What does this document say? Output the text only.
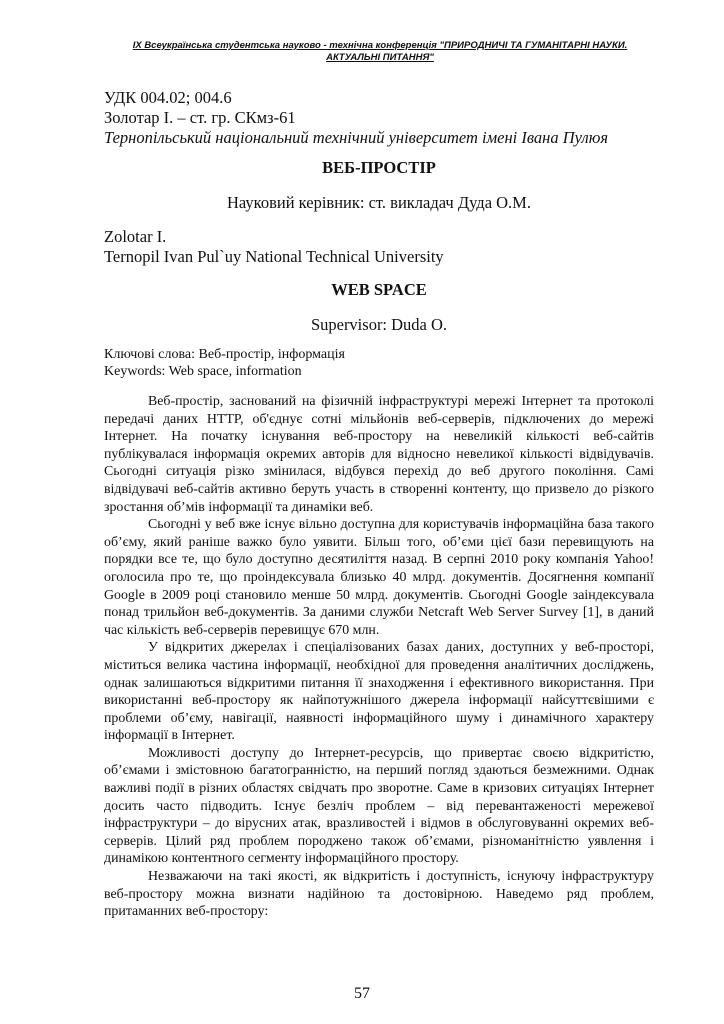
ІХ Всеукраїнська студентська науково - технічна конференція "ПРИРОДНИЧІ ТА ГУМАНІТАРНІ НАУКИ.
АКТУАЛЬНІ ПИТАННЯ"
УДК 004.02; 004.6
Золотар І. – ст. гр. СКмз-61
Тернопільський національний технічний університет імені Івана Пулюя
ВЕБ-ПРОСТІР
Науковий керівник: ст. викладач Дуда О.М.
Zolotar I.
Ternopil Ivan Pul`uy National Technical University
WEB SPACE
Supervisor: Duda O.
Ключові слова: Веб-простір, інформація
Keywords: Web space, information

Веб-простір, заснований на фізичній інфраструктурі мережі Інтернет та протоколі передачі даних HTTP, об'єднує сотні мільйонів веб-серверів, підключених до мережі Інтернет. На початку існування веб-простору на невеликій кількості веб-сайтів публікувалася інформація окремих авторів для відносно невеликої кількості відвідувачів. Сьогодні ситуація різко змінилася, відбувся перехід до веб другого покоління. Самі відвідувачі веб-сайтів активно беруть участь в створенні контенту, що призвело до різкого зростання об’мів інформації та динаміки веб.

Сьогодні у веб вже існує вільно доступна для користувачів інформаційна база такого об’єму, який раніше важко було уявити. Більш того, об’єми цієї бази перевищують на порядки все те, що було доступно десятиліття назад. В серпні 2010 року компанія Yahoo! оголосила про те, що проіндексувала близько 40 млрд. документів. Досягнення компанії Google в 2009 році становило менше 50 млрд. документів. Сьогодні Google заіндексувала понад трильйон веб-документів. За даними служби Netcraft Web Server Survey [1], в даний час кількість веб-серверів перевищує 670 млн.

У відкритих джерелах і спеціалізованих базах даних, доступних у веб-просторі, міститься велика частина інформації, необхідної для проведення аналітичних досліджень, однак залишаються відкритими питання її знаходження і ефективного використання. При використанні веб-простору як найпотужнішого джерела інформації найсуттєвішими є проблеми об’єму, навігації, наявності інформаційного шуму і динамічного характеру інформації в Інтернет.

Можливості доступу до Інтернет-ресурсів, що привертає своєю відкритістю, об’ємами і змістовною багатогранністю, на перший погляд здаються безмежними. Однак важливі події в різних областях свідчать про зворотне. Саме в кризових ситуаціях Інтернет досить часто підводить. Існує безліч проблем – від перевантаженості мережевої інфраструктури – до вірусних атак, вразливостей і відмов в обслуговуванні окремих веб-серверів. Цілий ряд проблем породжено також об’ємами, різноманітністю уявлення і динамікою контентного сегменту інформаційного простору.

Незважаючи на такі якості, як відкритість і доступність, існуючу інфраструктуру веб-простору можна визнати надійною та достовірною. Наведемо ряд проблем, притаманних веб-простору:

57
